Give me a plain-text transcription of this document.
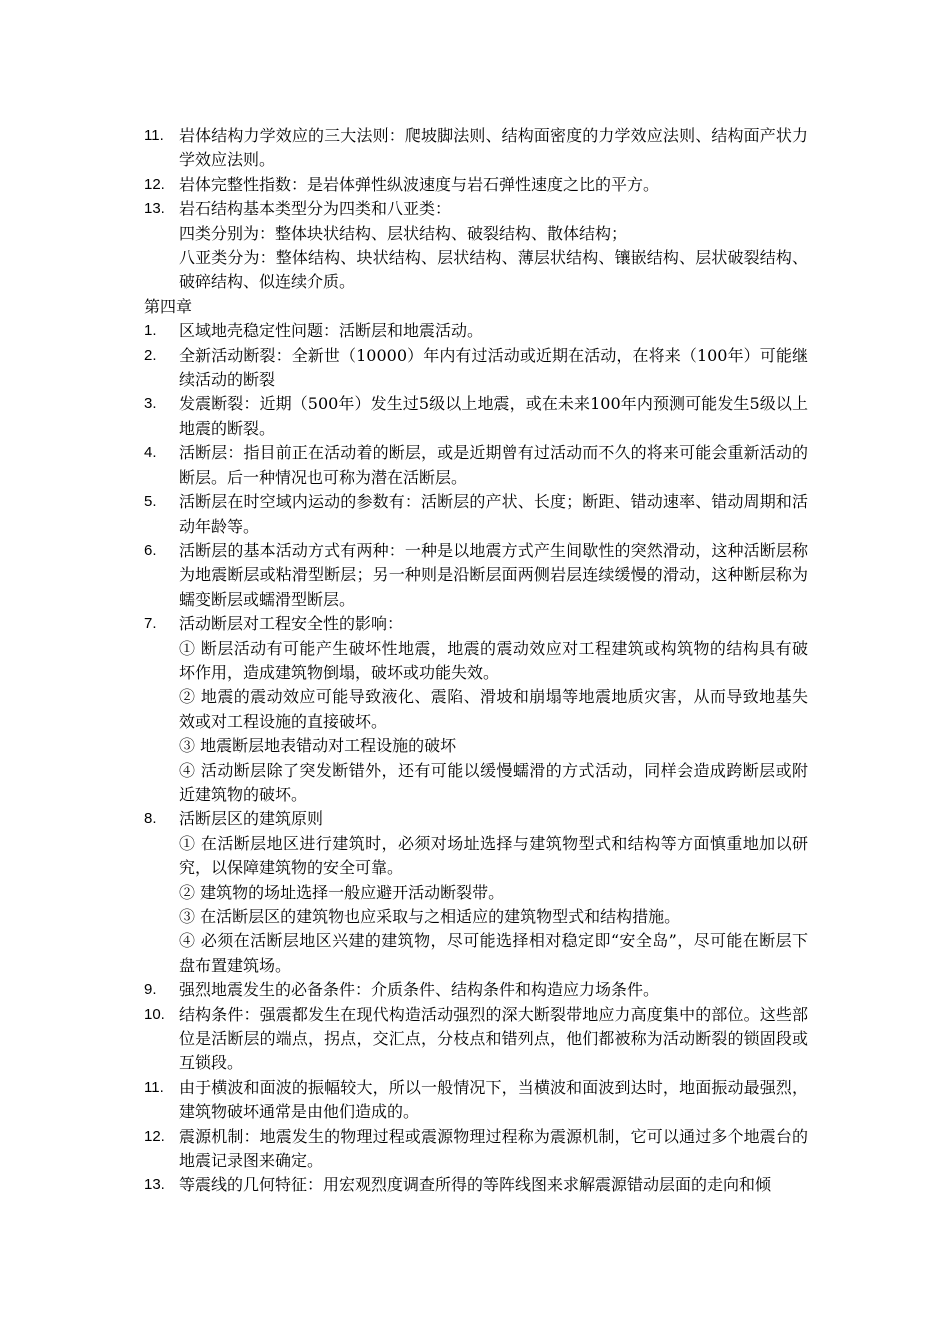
11. 岩体结构力学效应的三大法则：爬坡脚法则、结构面密度的力学效应法则、结构面产状力学效应法则。
12. 岩体完整性指数：是岩体弹性纵波速度与岩石弹性速度之比的平方。
13. 岩石结构基本类型分为四类和八亚类：
四类分别为：整体块状结构、层状结构、破裂结构、散体结构；
八亚类分为：整体结构、块状结构、层状结构、薄层状结构、镶嵌结构、层状破裂结构、破碎结构、似连续介质。
第四章
1. 区域地壳稳定性问题：活断层和地震活动。
2. 全新活动断裂：全新世（10000）年内有过活动或近期在活动，在将来（100年）可能继续活动的断裂
3. 发震断裂：近期（500年）发生过5级以上地震，或在未来100年内预测可能发生5级以上地震的断裂。
4. 活断层：指目前正在活动着的断层，或是近期曾有过活动而不久的将来可能会重新活动的断层。后一种情况也可称为潜在活断层。
5. 活断层在时空域内运动的参数有：活断层的产状、长度；断距、错动速率、错动周期和活动年龄等。
6. 活断层的基本活动方式有两种：一种是以地震方式产生间歇性的突然滑动，这种活断层称为地震断层或粘滑型断层；另一种则是沿断层面两侧岩层连续缓慢的滑动，这种断层称为蠕变断层或蠕滑型断层。
7. 活动断层对工程安全性的影响：
① 断层活动有可能产生破坏性地震，地震的震动效应对工程建筑或构筑物的结构具有破坏作用，造成建筑物倒塌，破坏或功能失效。
② 地震的震动效应可能导致液化、震陷、滑坡和崩塌等地震地质灾害，从而导致地基失效或对工程设施的直接破坏。
③ 地震断层地表错动对工程设施的破坏
④ 活动断层除了突发断错外，还有可能以缓慢蠕滑的方式活动，同样会造成跨断层或附近建筑物的破坏。
8. 活断层区的建筑原则
① 在活断层地区进行建筑时，必须对场址选择与建筑物型式和结构等方面慎重地加以研究，以保障建筑物的安全可靠。
② 建筑物的场址选择一般应避开活动断裂带。
③ 在活断层区的建筑物也应采取与之相适应的建筑物型式和结构措施。
④ 必须在活断层地区兴建的建筑物，尽可能选择相对稳定即“安全岛”，尽可能在断层下盘布置建筑场。
9. 强烈地震发生的必备条件：介质条件、结构条件和构造应力场条件。
10. 结构条件：强震都发生在现代构造活动强烈的深大断裂带地应力高度集中的部位。这些部位是活断层的端点，拐点，交汇点，分枝点和错列点，他们都被称为活动断裂的锁固段或互锁段。
11. 由于横波和面波的振幅较大，所以一般情况下，当横波和面波到达时，地面振动最强烈，建筑物破坏通常是由他们造成的。
12. 震源机制：地震发生的物理过程或震源物理过程称为震源机制，它可以通过多个地震台的地震记录图来确定。
13. 等震线的几何特征：用宏观烈度调查所得的等阵线图来求解震源错动层面的走向和倾
